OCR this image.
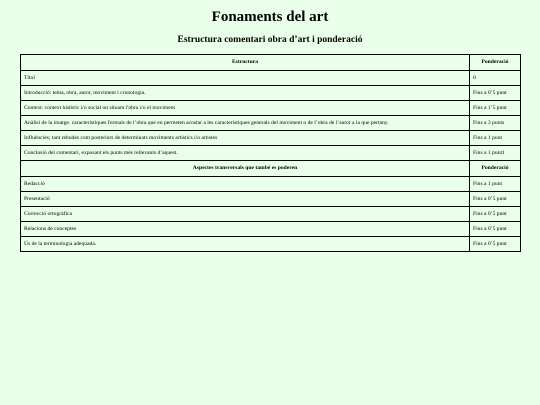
Fonaments del art
Estructura comentari obra d’art i ponderació
Estructura	Ponderació
Títol	0
Introducció: tema, obra, autor, moviment i cronologia.	Fins a 0’5 punt
Context: context històric i/o social on situam l'obra i/o el moviment	Fins a 1’5 punt
Anàlisi de la imatge. característiques formals de l’obra que en permeten acostar a les característiques generals del moviment o de l’obra de l’autor a la que pertany.	Fins a 3 punts
Influències; tant rebudes com posteriors de determinats moviments artístics i/o artistes	Fins a 1 punt
Conclusió del comentari, exposant els punts més rellevants d’aquest.	Fins a 1 punt1
Aspectes transversals que també es poderen	Ponderació
Redacció	Fins a 1 punt
Presentació	Fins a 0’5 punt
Correcció ortogràfica	Fins a 0’5 punt
Relacions de conceptes	Fins a 0’5 punt
Ús de la terminologia adequada.	Fins a 0’5 punt
